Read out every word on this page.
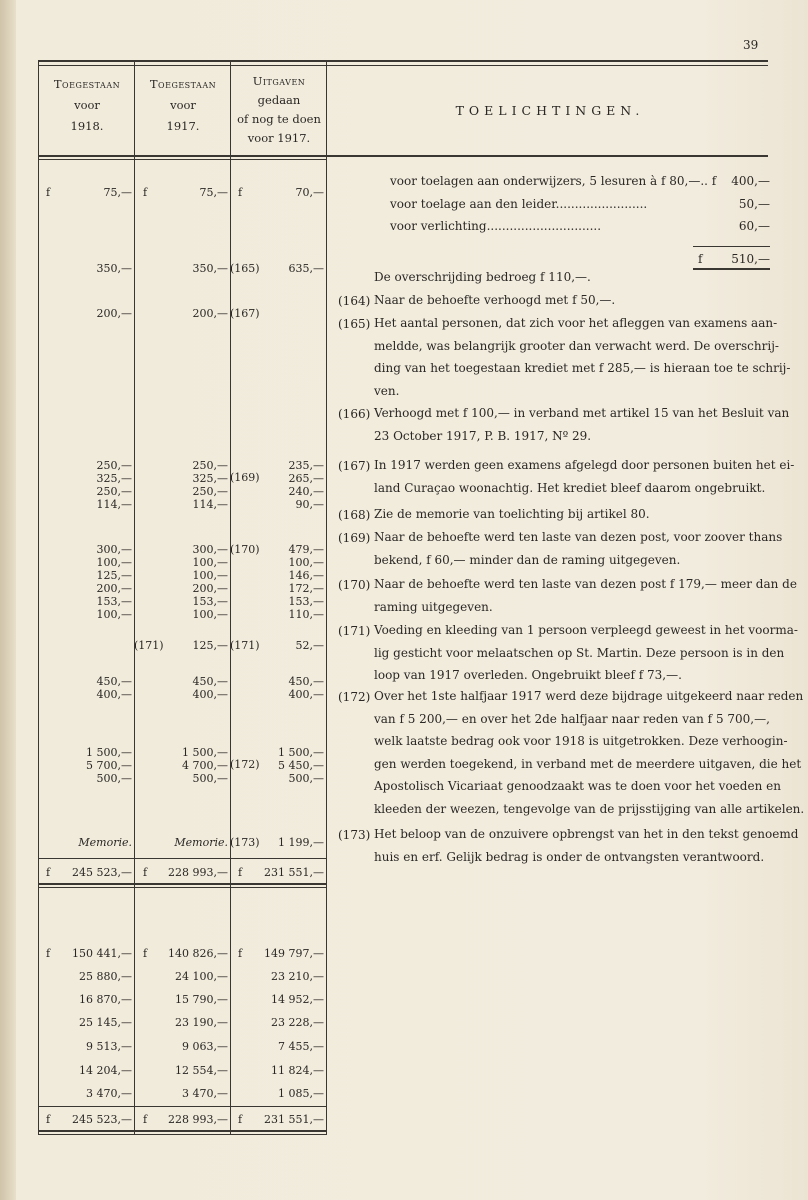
39
Toegestaan
voor
1918.
Toegestaan
voor
1917.
Uitgaven
gedaan
of nog te doen
voor 1917.
TOELICHTINGEN.
f	f	f
75,—	75,—	70,—
350,—	350,— (165)	635,—
200,—	200,— (167)
250,—	250,—	235,—
325,—	325,— (169)	265,—
250,—	250,—	240,—
114,—	114,—	90,—
300,—	300,— (170)	479,—
100,—	100,—	100,—
125,—	100,—	146,—
200,—	200,—	172,—
153,—	153,—	153,—
100,—	100,—	110,—
(171)	125,— (171)	52,—
450,—	450,—	450,—
400,—	400,—	400,—
1 500,—	1 500,—	1 500,—
5 700,—	4 700,— (172)	5 450,—
500,—	500,—	500,—
Memorie.	Memorie. (173)	1 199,—
f	f	f
245 523,—	228 993,—	231 551,—
f	f	f
150 441,—	140 826,—	149 797,—
25 880,—	24 100,—	23 210,—
16 870,—	15 790,—	14 952,—
25 145,—	23 190,—	23 228,—
9 513,—	9 063,—	7 455,—
14 204,—	12 554,—	11 824,—
3 470,—	3 470,—	1 085,—
f	f	f
245 523,—	228 993,—	231 551,—
voor toelagen aan onderwijzers, 5 lesuren à f 80,—.. f	400,—
voor toelage aan den leider........................	50,—
voor verlichting..............................	60,—
f	510,—
De overschrijding bedroeg f 110,—.
(164) Naar de behoefte verhoogd met f 50,—.
(165) Het aantal personen, dat zich voor het afleggen van examens aan-
meldde, was belangrijk grooter dan verwacht werd. De overschrij-
ding van het toegestaan krediet met f 285,— is hieraan toe te schrij-
ven.
(166) Verhoogd met f 100,— in verband met artikel 15 van het Besluit van
23 October 1917, P. B. 1917, Nº 29.
(167) In 1917 werden geen examens afgelegd door personen buiten het ei-
land Curaçao woonachtig. Het krediet bleef daarom ongebruikt.
(168) Zie de memorie van toelichting bij artikel 80.
(169) Naar de behoefte werd ten laste van dezen post, voor zoover thans
bekend, f 60,— minder dan de raming uitgegeven.
(170) Naar de behoefte werd ten laste van dezen post f 179,— meer dan de
raming uitgegeven.
(171) Voeding en kleeding van 1 persoon verpleegd geweest in het voorma-
lig gesticht voor melaatschen op St. Martin. Deze persoon is in den
loop van 1917 overleden. Ongebruikt bleef f 73,—.
(172) Over het 1ste halfjaar 1917 werd deze bijdrage uitgekeerd naar reden
van f 5 200,— en over het 2de halfjaar naar reden van f 5 700,—,
welk laatste bedrag ook voor 1918 is uitgetrokken. Deze verhoogin-
gen werden toegekend, in verband met de meerdere uitgaven, die het
Apostolisch Vicariaat genoodzaakt was te doen voor het voeden en
kleeden der weezen, tengevolge van de prijsstijging van alle artikelen.
(173) Het beloop van de onzuivere opbrengst van het in den tekst genoemd
huis en erf. Gelijk bedrag is onder de ontvangsten verantwoord.
